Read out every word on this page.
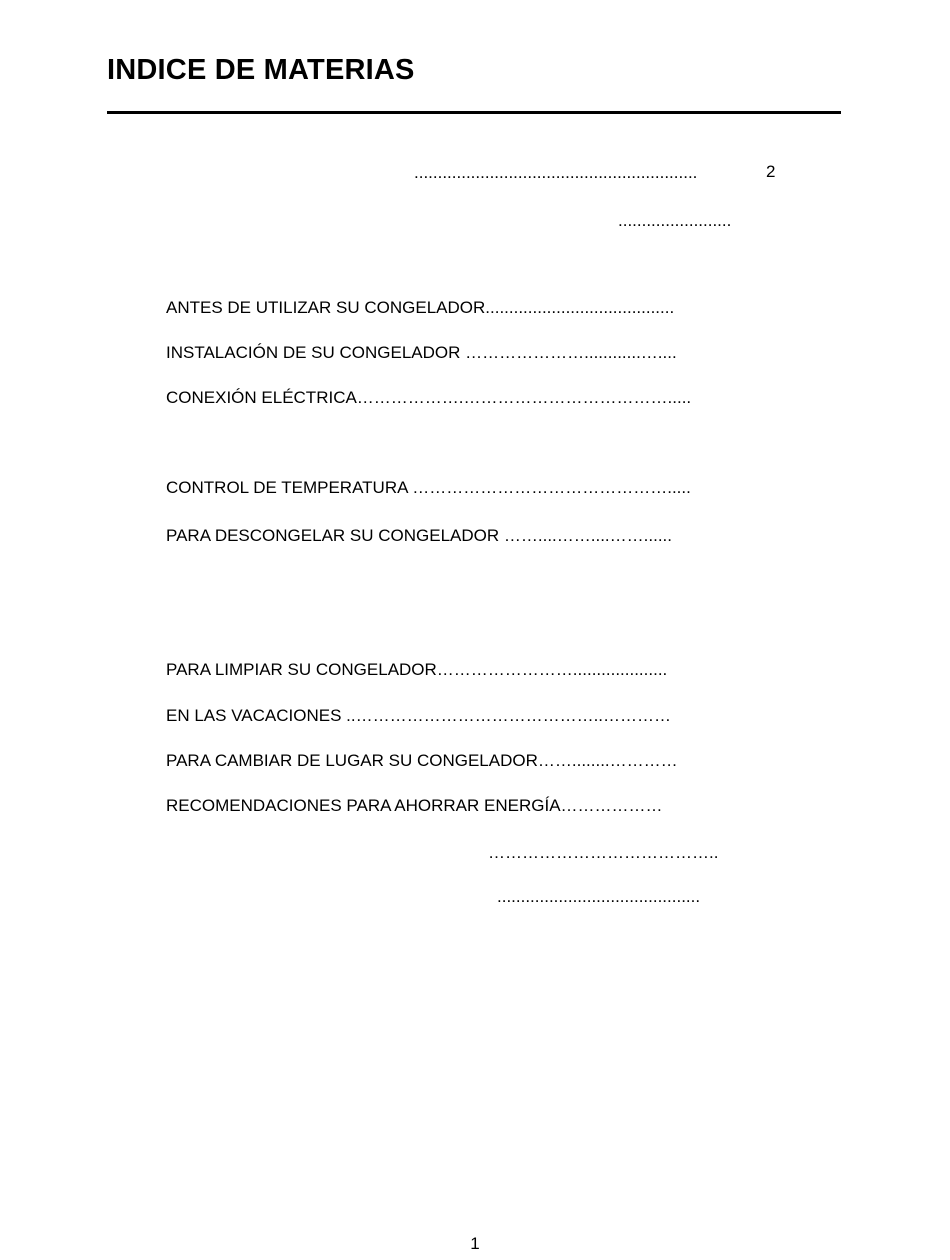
INDICE DE MATERIAS
............................................................	2
........................
ANTES DE UTILIZAR SU CONGELADOR........................................
INSTALACIÓN DE SU CONGELADOR …………………............…....
CONEXIÓN ELÉCTRICA……………….……………………………….....
CONTROL DE TEMPERATURA ……………………………………….....
PARA DESCONGELAR SU CONGELADOR ……....……....……......
PARA LIMPIAR SU CONGELADOR……………………....................
EN LAS VACACIONES ..……………………………………..…………
PARA CAMBIAR DE LUGAR SU CONGELADOR……........…………
RECOMENDACIONES PARA AHORRAR ENERGÍA………………
…………………………………..
...........................................
1
